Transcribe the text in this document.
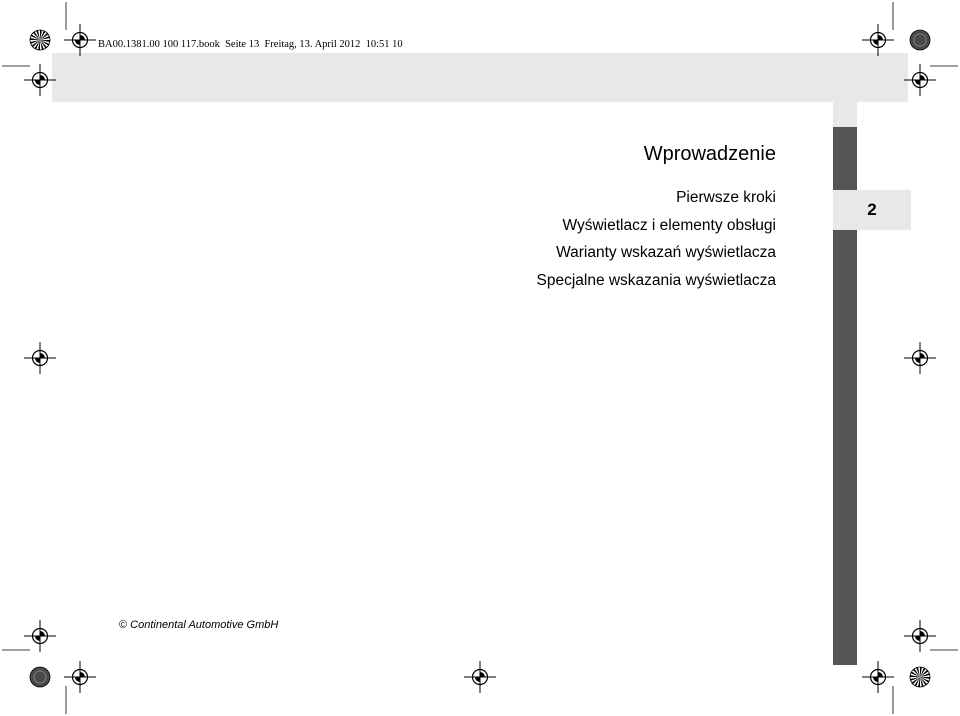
BA00.1381.00 100 117.book  Seite 13  Freitag, 13. April 2012  10:51 10
2
Wprowadzenie
Pierwsze kroki
Wyświetlacz i elementy obsługi
Warianty wskazań wyświetlacza
Specjalne wskazania wyświetlacza
© Continental Automotive GmbH
